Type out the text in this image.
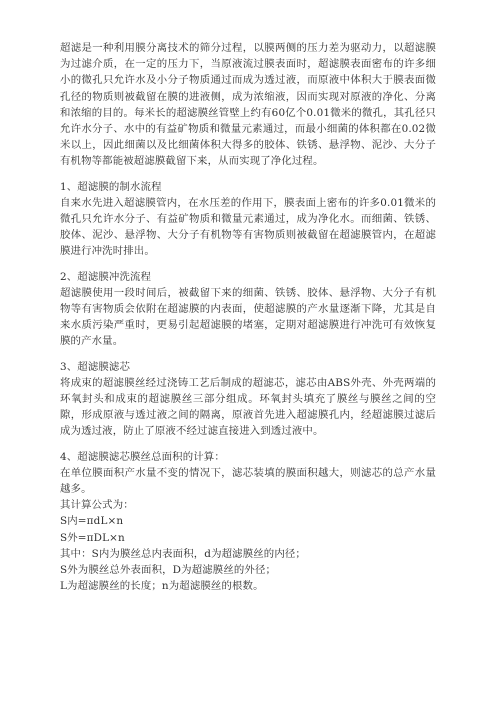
超滤是一种利用膜分离技术的筛分过程，以膜两侧的压力差为驱动力，以超滤膜为过滤介质，在一定的压力下，当原液流过膜表面时，超滤膜表面密布的许多细小的微孔只允许水及小分子物质通过而成为透过液，而原液中体积大于膜表面微孔径的物质则被截留在膜的进液侧，成为浓缩液，因而实现对原液的净化、分离和浓缩的目的。每米长的超滤膜丝管壁上约有60亿个0.01微米的微孔，其孔径只允许水分子、水中的有益矿物质和微量元素通过，而最小细菌的体积都在0.02微米以上，因此细菌以及比细菌体积大得多的胶体、铁锈、悬浮物、泥沙、大分子有机物等都能被超滤膜截留下来，从而实现了净化过程。

1、超滤膜的制水流程

自来水先进入超滤膜管内，在水压差的作用下，膜表面上密布的许多0.01微米的微孔只允许水分子、有益矿物质和微量元素通过，成为净化水。而细菌、铁锈、胶体、泥沙、悬浮物、大分子有机物等有害物质则被截留在超滤膜管内，在超滤膜进行冲洗时排出。

2、超滤膜冲洗流程

超滤膜使用一段时间后，被截留下来的细菌、铁锈、胶体、悬浮物、大分子有机物等有害物质会依附在超滤膜的内表面，使超滤膜的产水量逐渐下降，尤其是自来水质污染严重时，更易引起超滤膜的堵塞，定期对超滤膜进行冲洗可有效恢复膜的产水量。

3、超滤膜滤芯

将成束的超滤膜丝经过浇铸工艺后制成的超滤芯，滤芯由ABS外壳、外壳两端的环氧封头和成束的超滤膜丝三部分组成。环氧封头填充了膜丝与膜丝之间的空隙，形成原液与透过液之间的隔离，原液首先进入超滤膜孔内，经超滤膜过滤后成为透过液，防止了原液不经过滤直接进入到透过液中。

4、超滤膜滤芯膜丝总面积的计算：

在单位膜面积产水量不变的情况下，滤芯装填的膜面积越大，则滤芯的总产水量越多。

其计算公式为：

S内=πdL×n

S外=πDL×n

其中：S内为膜丝总内表面积，d为超滤膜丝的内径；

S外为膜丝总外表面积，D为超滤膜丝的外径；

L为超滤膜丝的长度；n为超滤膜丝的根数。
